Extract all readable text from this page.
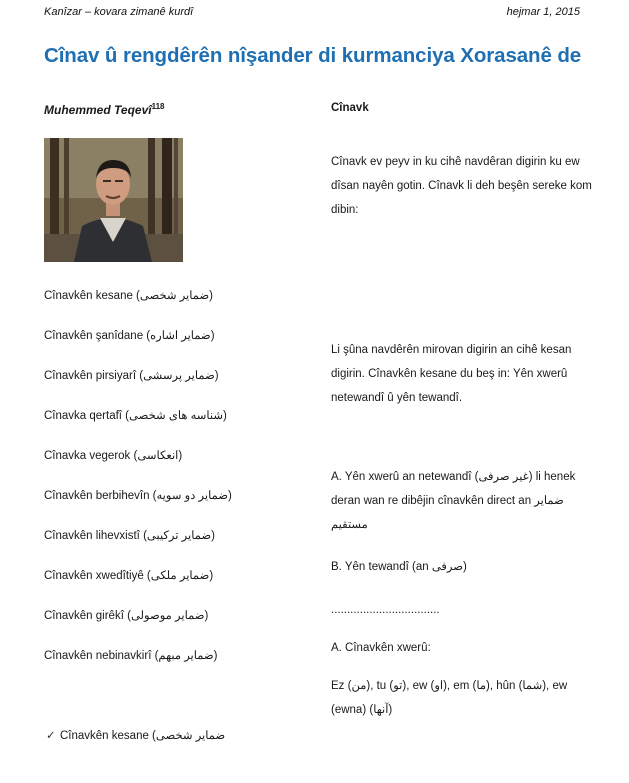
Kanîzar – kovara zimanê kurdî	hejmar 1, 2015
Cînav û rengdêrên nîşander di kurmanciya Xorasanê de
Muhemmed Teqevî$^{118}$
Cînavkên kesane (ضمایر شخصی)
Cînavkên şanîdane (ضمایر اشاره)
Cînavkên pirsiyarî (ضمایر پرسشی)
Cînavka qertafî (شناسه های شخصی)
Cînavka vegerok (انعکاسی)
Cînavkên berbihevîn (ضمایر دو سویه)
Cînavkên lihevxistî (ضمایر ترکیبی)
Cînavkên xwedîtiyê (ضمایر ملکی)
Cînavkên girêkî (ضمایر موصولی)
Cînavkên nebinavkirî (ضمایر مبهم)
Cînavk

Cînavk ev peyv in ku cihê navdêran digirin ku ew dîsan nayên gotin. Cînavk li deh beşên sereke kom dibin:

Li şûna navdêrên mirovan digirin an cihê kesan digirin. Cînavkên kesane du beş in: Yên xwerû netewandî û yên tewandî.

A. Yên xwerû an netewandî (غیر صرفی) li henek deran wan re dibêjin cînavkên direct an ضمایر مستقیم

B. Yên tewandî (an صرفی)

..................................

A. Cînavkên xwerû:

Ez (من), tu (تو), ew (او), em (ما), hûn (شما), ew (ewna) (آنها)

✓ Cînavkên kesane (ضمایر شخصی
